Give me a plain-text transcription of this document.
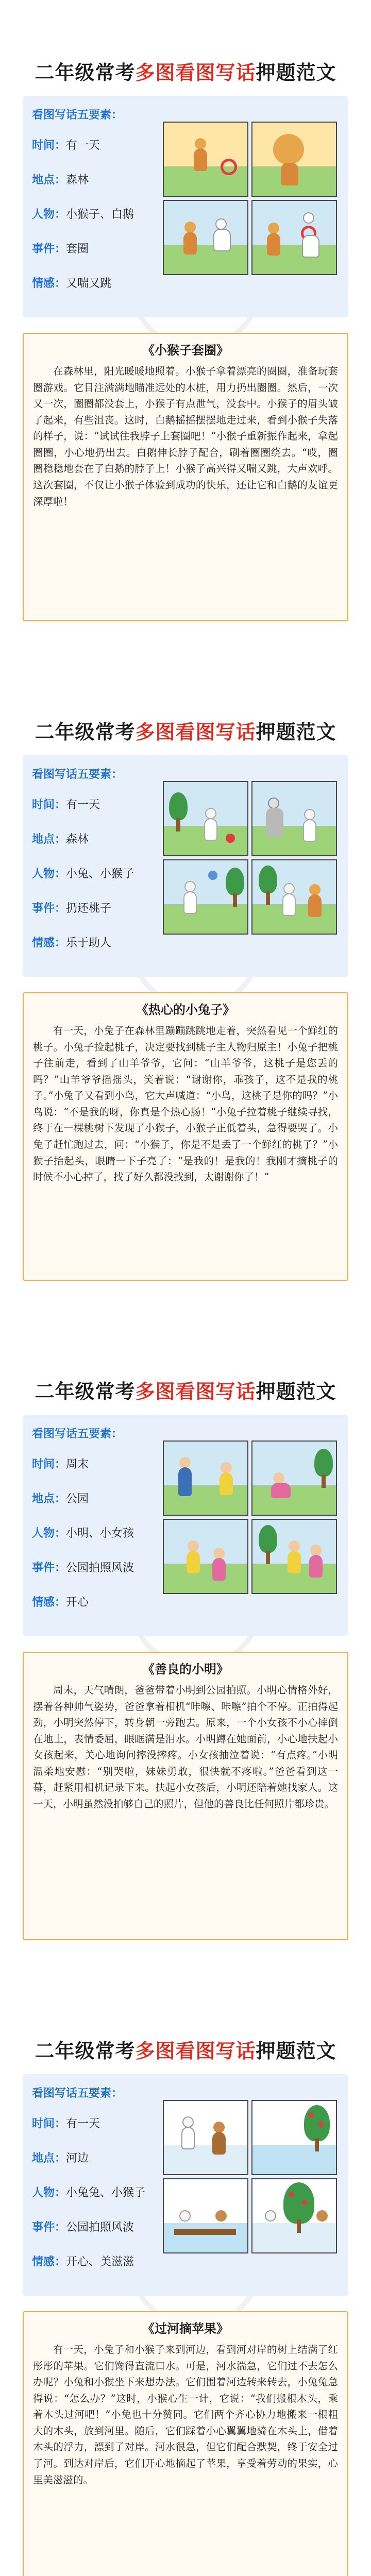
二年级常考多图看图写话押题范文
看图写话五要素：
时间：有一天
地点：森林
人物：小猴子、白鹅
事件：套圈
情感：又喘又跳
《小猴子套圈》
在森林里，阳光暖暖地照着。小猴子拿着漂亮的圈圈，准备玩套圈游戏。它目注满满地瞄准远处的木桩，用力扔出圈圈。然后，一次又一次，圈圈都没套上，小猴子有点泄气，没套中。小猴子的眉头皱了起来，有些沮丧。这时，白鹅摇摇摆摆地走过来，看到小猴子失落的样子，说：“试试往我脖子上套圈吧！”小猴子重新振作起来，拿起圈圈，小心地扔出去。白鹅伸长脖子配合，刷着圈圈绕去。“哎，圈圈稳稳地套在了白鹅的脖子上！小猴子高兴得又喘又跳，大声欢呼。这次套圈，不仅让小猴子体验到成功的快乐，还让它和白鹅的友谊更深厚啦！
二年级常考多图看图写话押题范文
看图写话五要素：
时间：有一天
地点：森林
人物：小兔、小猴子
事件：扔还桃子
情感：乐于助人
《热心的小兔子》
有一天，小兔子在森林里蹦蹦跳跳地走着，突然看见一个鲜红的桃子。小兔子捡起桃子，决定要找到桃子主人物归原主！小兔子把桃子往前走，看到了山羊爷爷，它问：“山羊爷爷，这桃子是您丢的吗？”山羊爷爷摇摇头，笑着说：“谢谢你，乖孩子，这不是我的桃子。”小兔子又看到小鸟，它大声喊道：“小鸟，这桃子是你的吗？”小鸟说：“不是我的呀，你真是个热心肠！”小兔子拉着桃子继续寻找，终于在一棵桃树下发现了小猴子，小猴子正低着头，急得要哭了。小兔子赶忙跑过去，问：“小猴子，你是不是丢了一个鲜红的桃子？”小猴子抬起头，眼睛一下子亮了：“是我的！是我的！我刚才摘桃子的时候不小心掉了，找了好久都没找到，太谢谢你了！”
二年级常考多图看图写话押题范文
看图写话五要素：
时间：周末
地点：公园
人物：小明、小女孩
事件：公园拍照风波
情感：开心
《善良的小明》
周末，天气晴朗，爸爸带着小明到公园拍照。小明心情格外好，摆着各种帅气姿势，爸爸拿着相机“咔嚓、咔嚓”拍个不停。正拍得起劲，小明突然停下，转身朝一旁跑去。原来，一个小女孩不小心摔倒在地上，表情委屈，眼眶满是泪水。小明蹲在她面前，小心地扶起小女孩起来，关心地询问摔没摔疼。小女孩抽泣着说：“有点疼。”小明温柔地安慰：“别哭啦，妹妹勇敢，很快就不疼啦。”爸爸看到这一幕，赶紧用相机记录下来。扶起小女孩后，小明还陪着她找家人。这一天，小明虽然没拍够自己的照片，但他的善良比任何照片都珍贵。
二年级常考多图看图写话押题范文
看图写话五要素：
时间：有一天
地点：河边
人物：小兔兔、小猴子
事件：公园拍照风波
情感：开心、美滋滋
《过河摘苹果》
有一天，小兔子和小猴子来到河边，看到河对岸的树上结满了红彤彤的苹果。它们馋得直流口水。可是，河水湍急，它们过不去怎么办呢？小兔和小猴坐下来想办法。它们围着河边转来转去，小兔兔急得说：“怎么办？”这时，小猴心生一计，它说：“我们搬根木头，乘着木头过河吧！”小兔也十分赞同。它们两个齐心协力地搬来一根粗大的木头，放到河里。随后，它们踩着小心翼翼地骑在木头上，借着木头的浮力，漂到了对岸。河水很急，但它们配合默契，终于安全过了河。到达对岸后，它们开心地摘起了苹果，享受着劳动的果实，心里美滋滋的。
